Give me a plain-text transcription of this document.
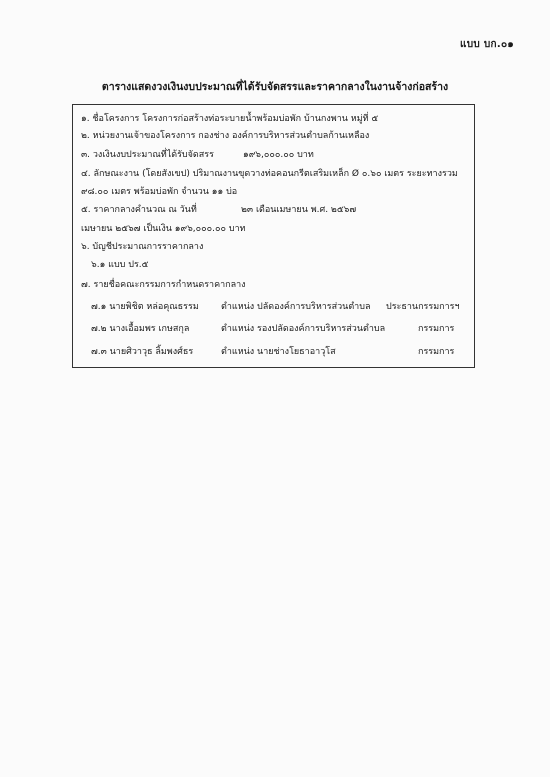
แบบ บก.๐๑
ตารางแสดงวงเงินงบประมาณที่ได้รับจัดสรรและราคากลางในงานจ้างก่อสร้าง
๑. ชื่อโครงการ โครงการก่อสร้างท่อระบายน้ำพร้อมบ่อพัก บ้านกงพาน หมู่ที่ ๕
๒. หน่วยงานเจ้าของโครงการ กองช่าง องค์การบริหารส่วนตำบลก้านเหลือง
๓. วงเงินงบประมาณที่ได้รับจัดสรร	๑๙๖,๐๐๐.๐๐ บาท
๔. ลักษณะงาน (โดยสังเขป) ปริมาณงานขุดวางท่อคอนกรีตเสริมเหล็ก Ø ๐.๖๐ เมตร ระยะทางรวม
๙๘.๐๐ เมตร พร้อมบ่อพัก จำนวน ๑๑ บ่อ
๕. ราคากลางคำนวณ ณ วันที่	๒๓ เดือนเมษายน พ.ศ. ๒๕๖๗
เมษายน ๒๕๖๗ เป็นเงิน ๑๙๖,๐๐๐.๐๐ บาท
๖. บัญชีประมาณการราคากลาง
๖.๑ แบบ ปร.๕
๗. รายชื่อคณะกรรมการกำหนดราคากลาง
๗.๑ นายพิชิต หล่อคุณธรรม ตำแหน่ง ปลัดองค์การบริหารส่วนตำบล ประธานกรรมการฯ
๗.๒ นางเอื้อมพร เกษสกุล	ตำแหน่ง รองปลัดองค์การบริหารส่วนตำบล	กรรมการ
๗.๓ นายศิวาวุธ ลิ้มพงศ์ธร	ตำแหน่ง นายช่างโยธาอาวุโส	กรรมการ
